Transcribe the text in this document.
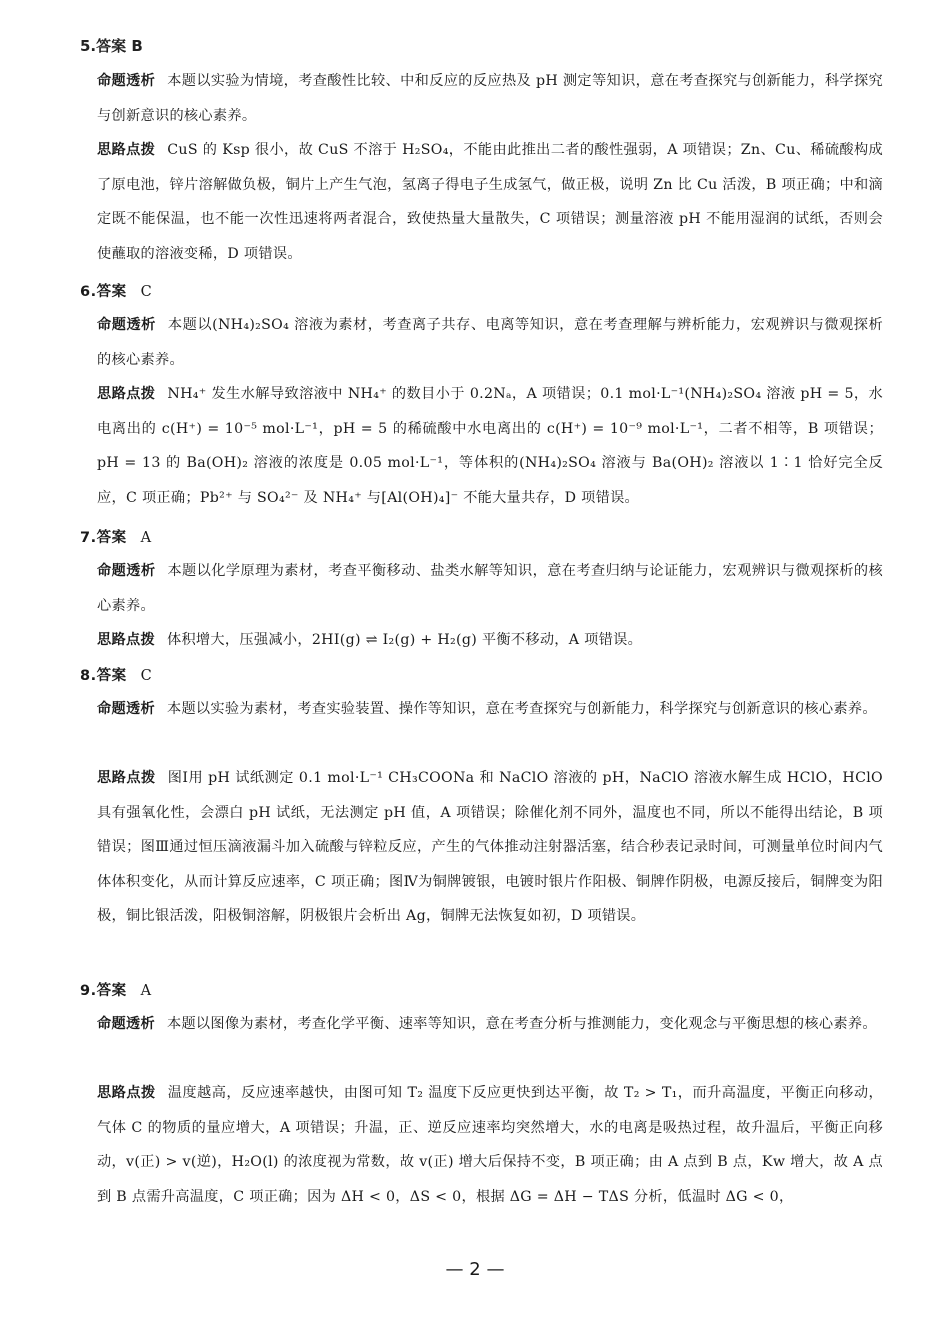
5.答案 B
命题透析 本题以实验为情境，考查酸性比较、中和反应的反应热及 pH 测定等知识，意在考查探究与创新能力，科学探究与创新意识的核心素养。
思路点拨 CuS 的 Ksp 很小，故 CuS 不溶于 H₂SO₄，不能由此推出二者的酸性强弱，A 项错误；Zn、Cu、稀硫酸构成了原电池，锌片溶解做负极，铜片上产生气泡，氢离子得电子生成氢气，做正极，说明 Zn 比 Cu 活泼，B 项正确；中和滴定既不能保温，也不能一次性迅速将两者混合，致使热量大量散失，C 项错误；测量溶液 pH 不能用湿润的试纸，否则会使蘸取的溶液变稀，D 项错误。
6.答案 C
命题透析 本题以(NH₄)₂SO₄ 溶液为素材，考查离子共存、电离等知识，意在考查理解与辨析能力，宏观辨识与微观探析的核心素养。
思路点拨 NH₄⁺ 发生水解导致溶液中 NH₄⁺ 的数目小于 0.2Nₐ，A 项错误；0.1 mol·L⁻¹(NH₄)₂SO₄ 溶液 pH = 5，水电离出的 c(H⁺) = 10⁻⁵ mol·L⁻¹，pH = 5 的稀硫酸中水电离出的 c(H⁺) = 10⁻⁹ mol·L⁻¹，二者不相等，B 项错误；pH = 13 的 Ba(OH)₂ 溶液的浓度是 0.05 mol·L⁻¹，等体积的(NH₄)₂SO₄ 溶液与 Ba(OH)₂ 溶液以 1∶1 恰好完全反应，C 项正确；Pb²⁺ 与 SO₄²⁻ 及 NH₄⁺ 与[Al(OH)₄]⁻ 不能大量共存，D 项错误。
7.答案 A
命题透析 本题以化学原理为素材，考查平衡移动、盐类水解等知识，意在考查归纳与论证能力，宏观辨识与微观探析的核心素养。
思路点拨 体积增大，压强减小，2HI(g) ⇌ I₂(g) + H₂(g) 平衡不移动，A 项错误。
8.答案 C
命题透析 本题以实验为素材，考查实验装置、操作等知识，意在考查探究与创新能力，科学探究与创新意识的核心素养。
思路点拨 图Ⅰ用 pH 试纸测定 0.1 mol·L⁻¹ CH₃COONa 和 NaClO 溶液的 pH，NaClO 溶液水解生成 HClO，HClO 具有强氧化性，会漂白 pH 试纸，无法测定 pH 值，A 项错误；除催化剂不同外，温度也不同，所以不能得出结论，B 项错误；图Ⅲ通过恒压滴液漏斗加入硫酸与锌粒反应，产生的气体推动注射器活塞，结合秒表记录时间，可测量单位时间内气体体积变化，从而计算反应速率，C 项正确；图Ⅳ为铜牌镀银，电镀时银片作阳极、铜牌作阴极，电源反接后，铜牌变为阳极，铜比银活泼，阳极铜溶解，阴极银片会析出 Ag，铜牌无法恢复如初，D 项错误。
9.答案 A
命题透析 本题以图像为素材，考查化学平衡、速率等知识，意在考查分析与推测能力，变化观念与平衡思想的核心素养。
思路点拨 温度越高，反应速率越快，由图可知 T₂ 温度下反应更快到达平衡，故 T₂ > T₁，而升高温度，平衡正向移动，气体 C 的物质的量应增大，A 项错误；升温，正、逆反应速率均突然增大，水的电离是吸热过程，故升温后，平衡正向移动，v(正) > v(逆)，H₂O(l) 的浓度视为常数，故 v(正) 增大后保持不变，B 项正确；由 A 点到 B 点，Kw 增大，故 A 点到 B 点需升高温度，C 项正确；因为 ΔH < 0，ΔS < 0，根据 ΔG = ΔH − TΔS 分析，低温时 ΔG < 0，
— 2 —
